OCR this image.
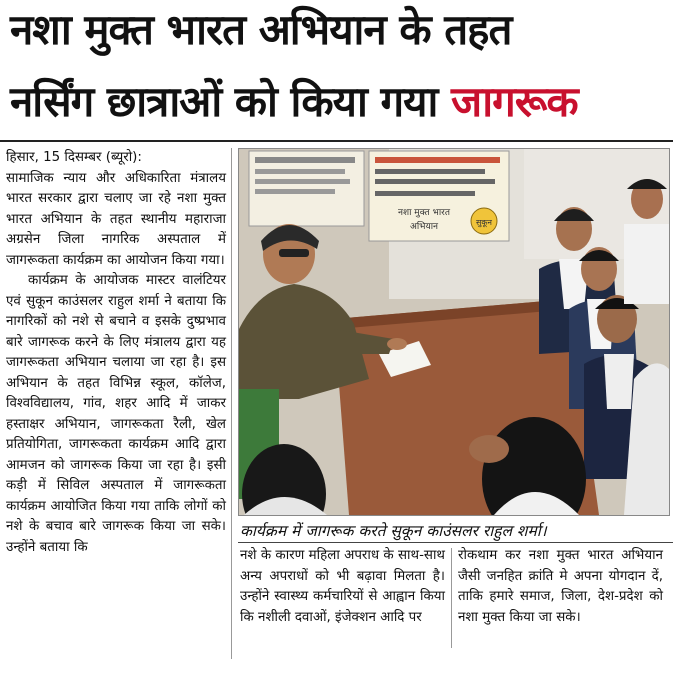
नशा मुक्त भारत अभियान के तहत
नर्सिंग छात्राओं को किया गया जागरूक

हिसार, 15 दिसम्बर (ब्यूरो):

सामाजिक न्याय और अधिकारिता मंत्रालय भारत सरकार द्वारा चलाए जा रहे नशा मुक्त भारत अभियान के तहत स्थानीय महाराजा अग्रसेन जिला नागरिक अस्पताल में जागरूकता कार्यक्रम का आयोजन किया गया।

कार्यक्रम के आयोजक मास्टर वालंटियर एवं सुकून काउंसलर राहुल शर्मा ने बताया कि नागरिकों को नशे से बचाने व इसके दुष्प्रभाव बारे जागरूक करने के लिए मंत्रालय द्वारा यह जागरूकता अभियान चलाया जा रहा है। इस अभियान के तहत विभिन्न स्कूल, कॉलेज, विश्वविद्यालय, गांव, शहर आदि में जाकर हस्ताक्षर अभियान, जागरूकता रैली, खेल प्रतियोगिता, जागरूकता कार्यक्रम आदि द्वारा आमजन को जागरूक किया जा रहा है। इसी कड़ी में सिविल अस्पताल में जागरूकता कार्यक्रम आयोजित किया गया ताकि लोगों को नशे के बचाव बारे जागरूक किया जा सके। उन्होंने बताया कि

सुकून
नशा मुक्त भारत
अभियान
कार्यक्रम में जागरूक करते सुकून काउंसलर राहुल शर्मा।

नशे के कारण महिला अपराध के साथ-साथ अन्य अपराधों को भी बढ़ावा मिलता है। उन्होंने स्वास्थ्य कर्मचारियों से आह्वान किया कि नशीली दवाओं, इंजेक्शन आदि पर

रोकथाम कर नशा मुक्त भारत अभियान जैसी जनहित क्रांति मे अपना योगदान दें, ताकि हमारे समाज, जिला, देश-प्रदेश को नशा मुक्त किया जा सके।
